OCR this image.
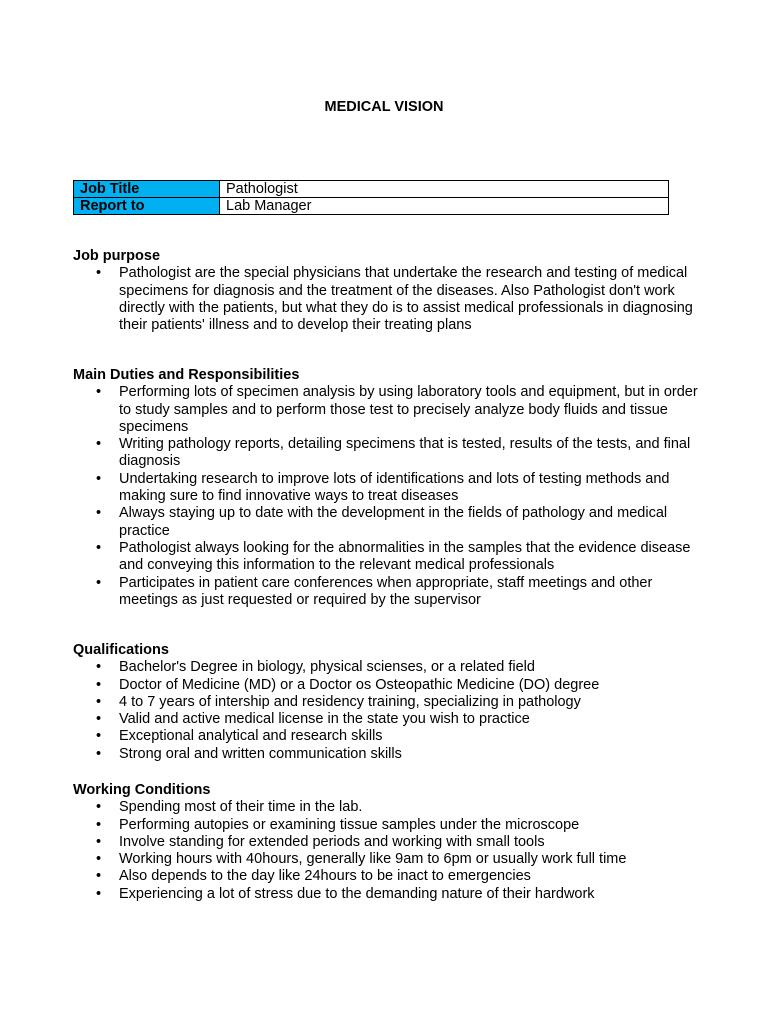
MEDICAL VISION
Job Title	Pathologist
Report to	Lab Manager
Job purpose
• Pathologist are the special physicians that undertake the research and testing of medical specimens for diagnosis and the treatment of the diseases. Also Pathologist don't work directly with the patients, but what they do is to assist medical professionals in diagnosing their patients' illness and to develop their treating plans
Main Duties and Responsibilities
• Performing lots of specimen analysis by using laboratory tools and equipment, but in order to study samples and to perform those test to precisely analyze body fluids and tissue specimens
• Writing pathology reports, detailing specimens that is tested, results of the tests, and final diagnosis
• Undertaking research to improve lots of identifications and lots of testing methods and making sure to find innovative ways to treat diseases
• Always staying up to date with the development in the fields of pathology and medical practice
• Pathologist always looking for the abnormalities in the samples that the evidence disease and conveying this information to the relevant medical professionals
• Participates in patient care conferences when appropriate, staff meetings and other meetings as just requested or required by the supervisor
Qualifications
• Bachelor's Degree in biology, physical scienses, or a related field
• Doctor of Medicine (MD) or a Doctor os Osteopathic Medicine (DO) degree
• 4 to 7 years of intership and residency training, specializing in pathology
• Valid and active medical license in the state you wish to practice
• Exceptional analytical and research skills
• Strong oral and written communication skills
Working Conditions
• Spending most of their time in the lab.
• Performing autopies or examining tissue samples under the microscope
• Involve standing for extended periods and working with small tools
• Working hours with 40hours, generally like 9am to 6pm or usually work full time
• Also depends to the day like 24hours to be inact to emergencies
• Experiencing a lot of stress due to the demanding nature of their hardwork
